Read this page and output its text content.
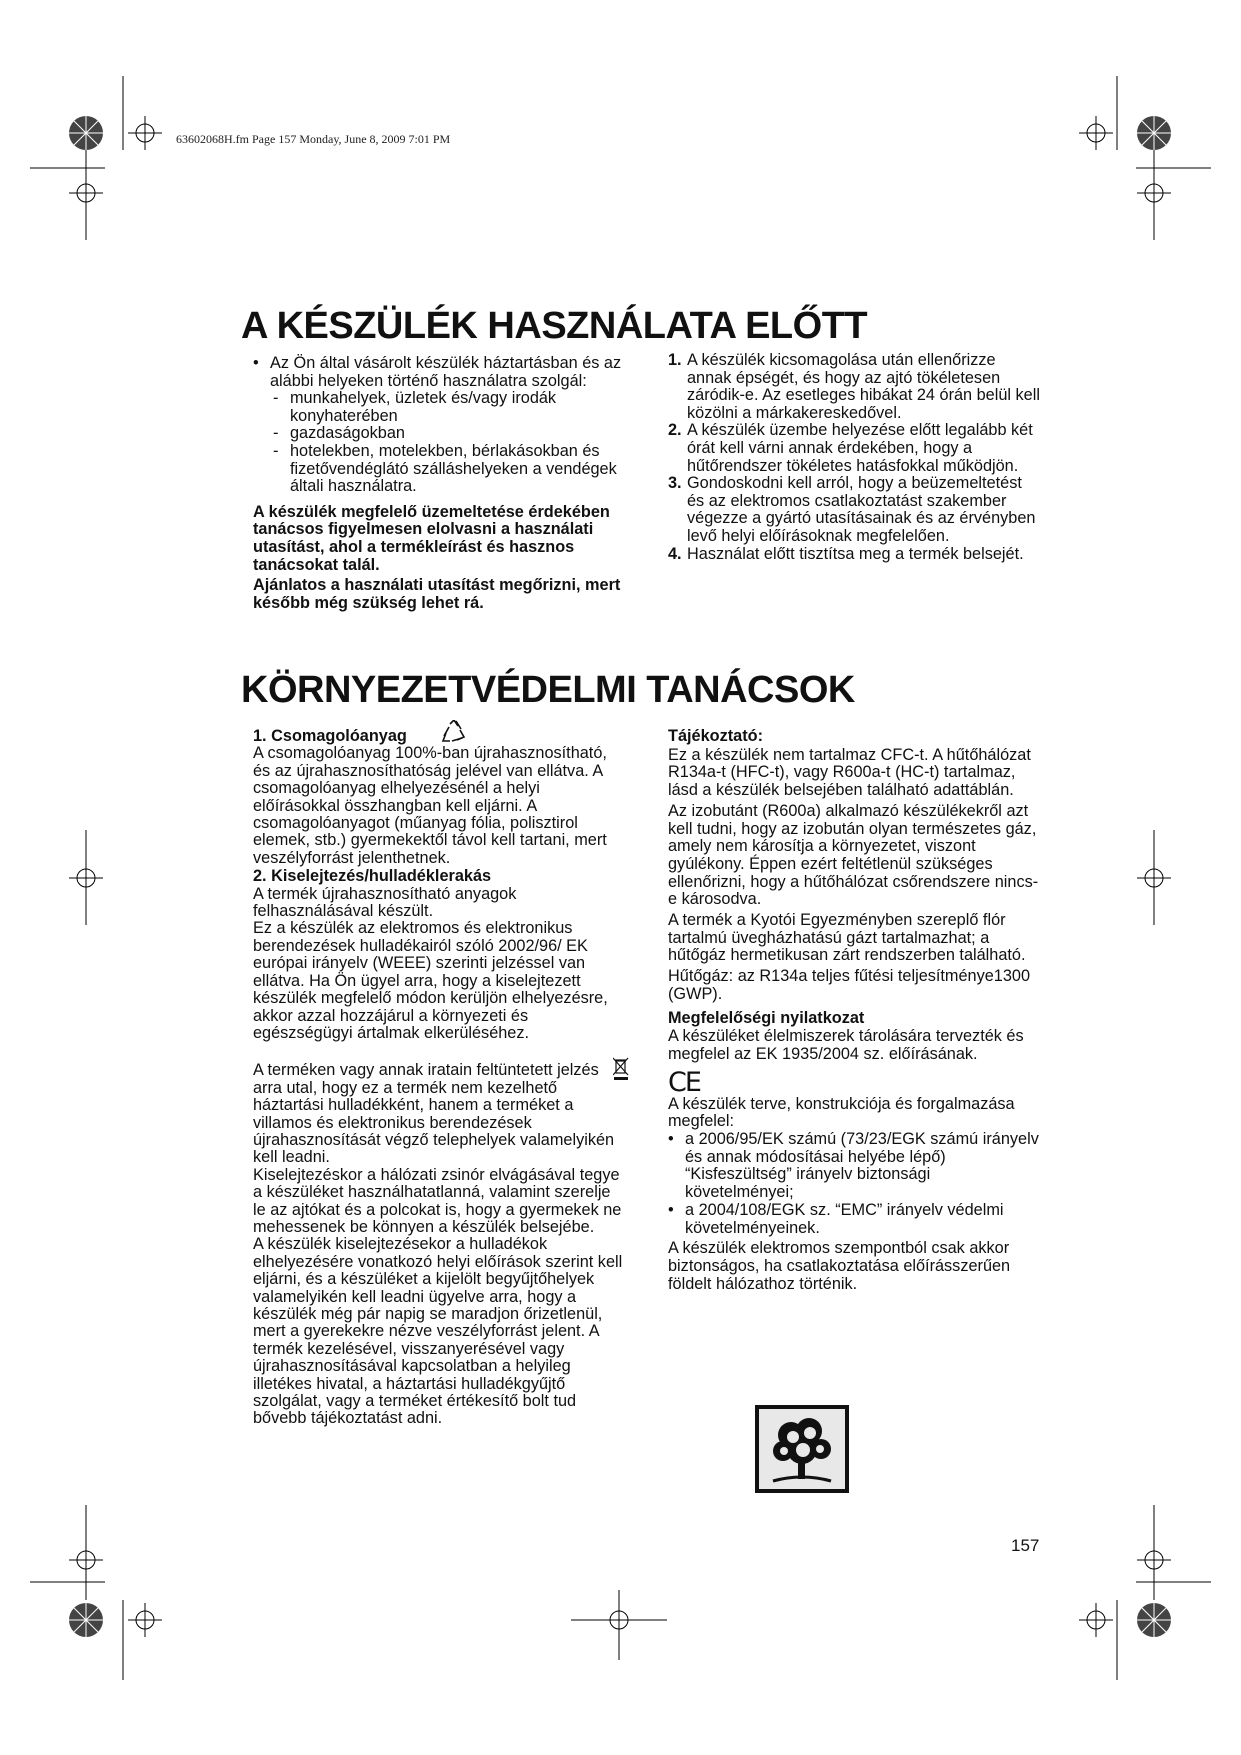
63602068H.fm Page 157 Monday, June 8, 2009 7:01 PM
A KÉSZÜLÉK HASZNÁLATA ELŐTT
• Az Ön által vásárolt készülék háztartásban és az alábbi helyeken történő használatra szolgál:
- munkahelyek, üzletek és/vagy irodák konyhaterében
- gazdaságokban
- hotelekben, motelekben, bérlakásokban és fizetővendéglátó szálláshelyeken a vendégek általi használatra.

A készülék megfelelő üzemeltetése érdekében tanácsos figyelmesen elolvasni a használati utasítást, ahol a termékleírást és hasznos tanácsokat talál.

Ajánlatos a használati utasítást megőrizni, mert később még szükség lehet rá.

1. A készülék kicsomagolása után ellenőrizze annak épségét, és hogy az ajtó tökéletesen záródik-e. Az esetleges hibákat 24 órán belül kell közölni a márkakereskedővel.
2. A készülék üzembe helyezése előtt legalább két órát kell várni annak érdekében, hogy a hűtőrendszer tökéletes hatásfokkal működjön.
3. Gondoskodni kell arról, hogy a beüzemeltetést és az elektromos csatlakoztatást szakember végezze a gyártó utasításainak és az érvényben levő helyi előírásoknak megfelelően.
4. Használat előtt tisztítsa meg a termék belsejét.
KÖRNYEZETVÉDELMI TANÁCSOK
1. Csomagolóanyag

A csomagolóanyag 100%-ban újrahasznosítható, és az újrahasznosíthatóság jelével van ellátva. A csomagolóanyag elhelyezésénél a helyi előírásokkal összhangban kell eljárni. A csomagolóanyagot (műanyag fólia, polisztirol elemek, stb.) gyermekektől távol kell tartani, mert veszélyforrást jelenthetnek.

2. Kiselejtezés/hulladéklerakás

A termék újrahasznosítható anyagok felhasználásával készült.

Ez a készülék az elektromos és elektronikus berendezések hulladékairól szóló 2002/96/ EK európai irányelv (WEEE) szerinti jelzéssel van ellátva. Ha Ön ügyel arra, hogy a kiselejtezett készülék megfelelő módon kerüljön elhelyezésre, akkor azzal hozzájárul a környezeti és egészségügyi ártalmak elkerüléséhez.

A terméken vagy annak iratain feltüntetett jelzés arra utal, hogy ez a termék nem kezelhető háztartási hulladékként, hanem a terméket a villamos és elektronikus berendezések újrahasznosítását végző telephelyek valamelyikén kell leadni.

Kiselejtezéskor a hálózati zsinór elvágásával tegye a készüléket használhatatlanná, valamint szerelje le az ajtókat és a polcokat is, hogy a gyermekek ne mehessenek be könnyen a készülék belsejébe.

A készülék kiselejtezésekor a hulladékok elhelyezésére vonatkozó helyi előírások szerint kell eljárni, és a készüléket a kijelölt begyűjtőhelyek valamelyikén kell leadni ügyelve arra, hogy a készülék még pár napig se maradjon őrizetlenül, mert a gyerekekre nézve veszélyforrást jelent. A termék kezelésével, visszanyerésével vagy újrahasznosításával kapcsolatban a helyileg illetékes hivatal, a háztartási hulladékgyűjtő szolgálat, vagy a terméket értékesítő bolt tud bővebb tájékoztatást adni.

Tájékoztató:

Ez a készülék nem tartalmaz CFC-t. A hűtőhálózat R134a-t (HFC-t), vagy R600a-t (HC-t) tartalmaz, lásd a készülék belsejében található adattáblán.

Az izobutánt (R600a) alkalmazó készülékekről azt kell tudni, hogy az izobután olyan természetes gáz, amely nem károsítja a környezetet, viszont gyúlékony. Éppen ezért feltétlenül szükséges ellenőrizni, hogy a hűtőhálózat csőrendszere nincs-e károsodva.

A termék a Kyotói Egyezményben szereplő flór tartalmú üvegházhatású gázt tartalmazhat; a hűtőgáz hermetikusan zárt rendszerben található.

Hűtőgáz: az R134a teljes fűtési teljesítménye1300 (GWP).

Megfelelőségi nyilatkozat

A készüléket élelmiszerek tárolására tervezték és megfelel az EK 1935/2004 sz. előírásának.

CE

A készülék terve, konstrukciója és forgalmazása megfelel:

• a 2006/95/EK számú (73/23/EGK számú irányelv és annak módosításai helyébe lépő) “Kisfeszültség” irányelv biztonsági követelményei;
• a 2004/108/EGK sz. “EMC” irányelv védelmi követelményeinek.

A készülék elektromos szempontból csak akkor biztonságos, ha csatlakoztatása előírásszerűen földelt hálózathoz történik.

157
